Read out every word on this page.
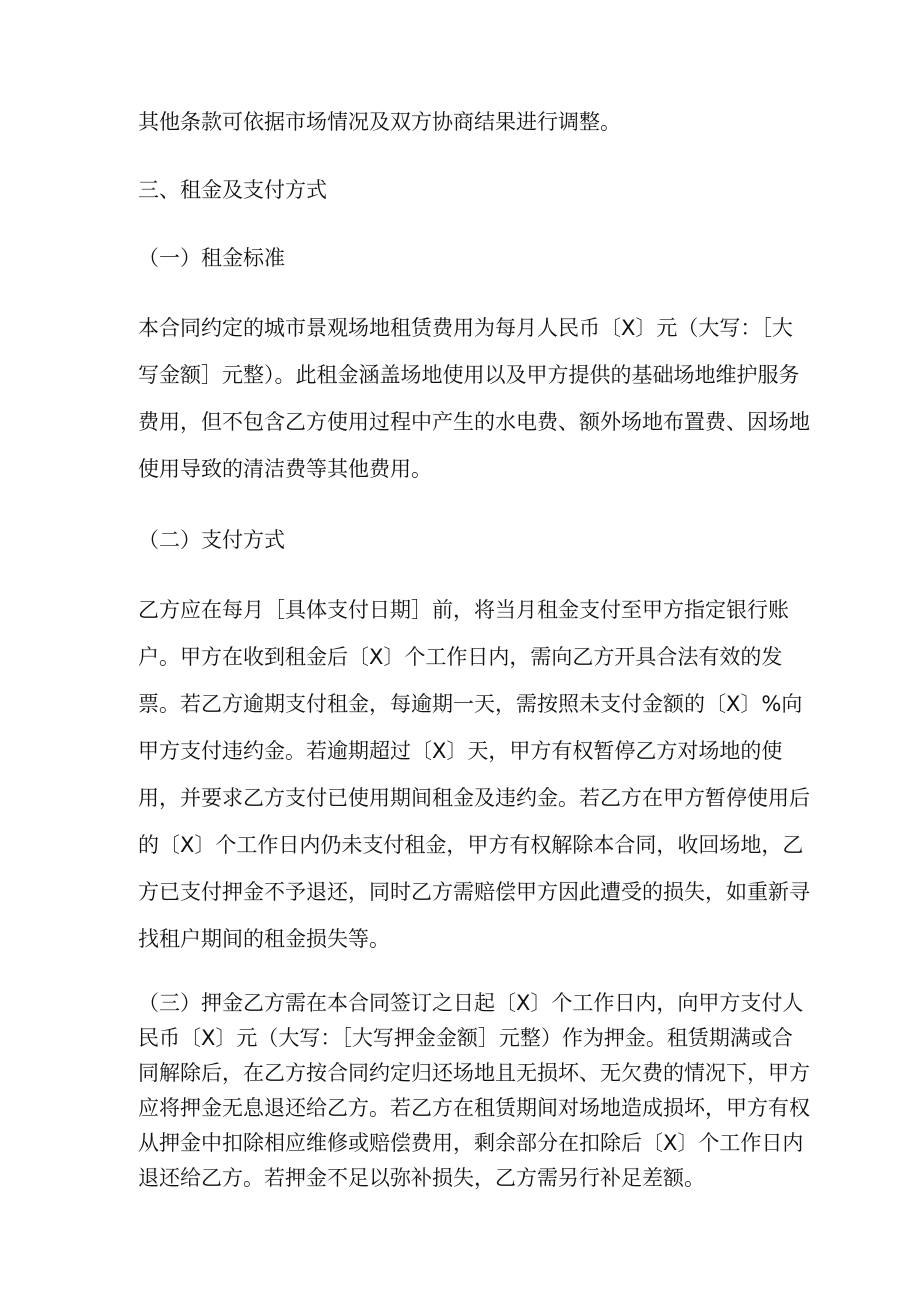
其他条款可依据市场情况及双方协商结果进行调整。
三、租金及支付方式
（一）租金标准
本合同约定的城市景观场地租赁费用为每月人民币〔X〕元（大写：［大
写金额］元整）。此租金涵盖场地使用以及甲方提供的基础场地维护服务
费用，但不包含乙方使用过程中产生的水电费、额外场地布置费、因场地
使用导致的清洁费等其他费用。
（二）支付方式
乙方应在每月［具体支付日期］前，将当月租金支付至甲方指定银行账
户。甲方在收到租金后〔X〕个工作日内，需向乙方开具合法有效的发
票。若乙方逾期支付租金，每逾期一天，需按照未支付金额的〔X〕%向
甲方支付违约金。若逾期超过〔X〕天，甲方有权暂停乙方对场地的使
用，并要求乙方支付已使用期间租金及违约金。若乙方在甲方暂停使用后
的〔X〕个工作日内仍未支付租金，甲方有权解除本合同，收回场地，乙
方已支付押金不予退还，同时乙方需赔偿甲方因此遭受的损失，如重新寻
找租户期间的租金损失等。
（三）押金乙方需在本合同签订之日起〔X〕个工作日内，向甲方支付人
民币〔X〕元（大写：［大写押金金额］元整）作为押金。租赁期满或合
同解除后，在乙方按合同约定归还场地且无损坏、无欠费的情况下，甲方
应将押金无息退还给乙方。若乙方在租赁期间对场地造成损坏，甲方有权
从押金中扣除相应维修或赔偿费用，剩余部分在扣除后〔X〕个工作日内
退还给乙方。若押金不足以弥补损失，乙方需另行补足差额。
